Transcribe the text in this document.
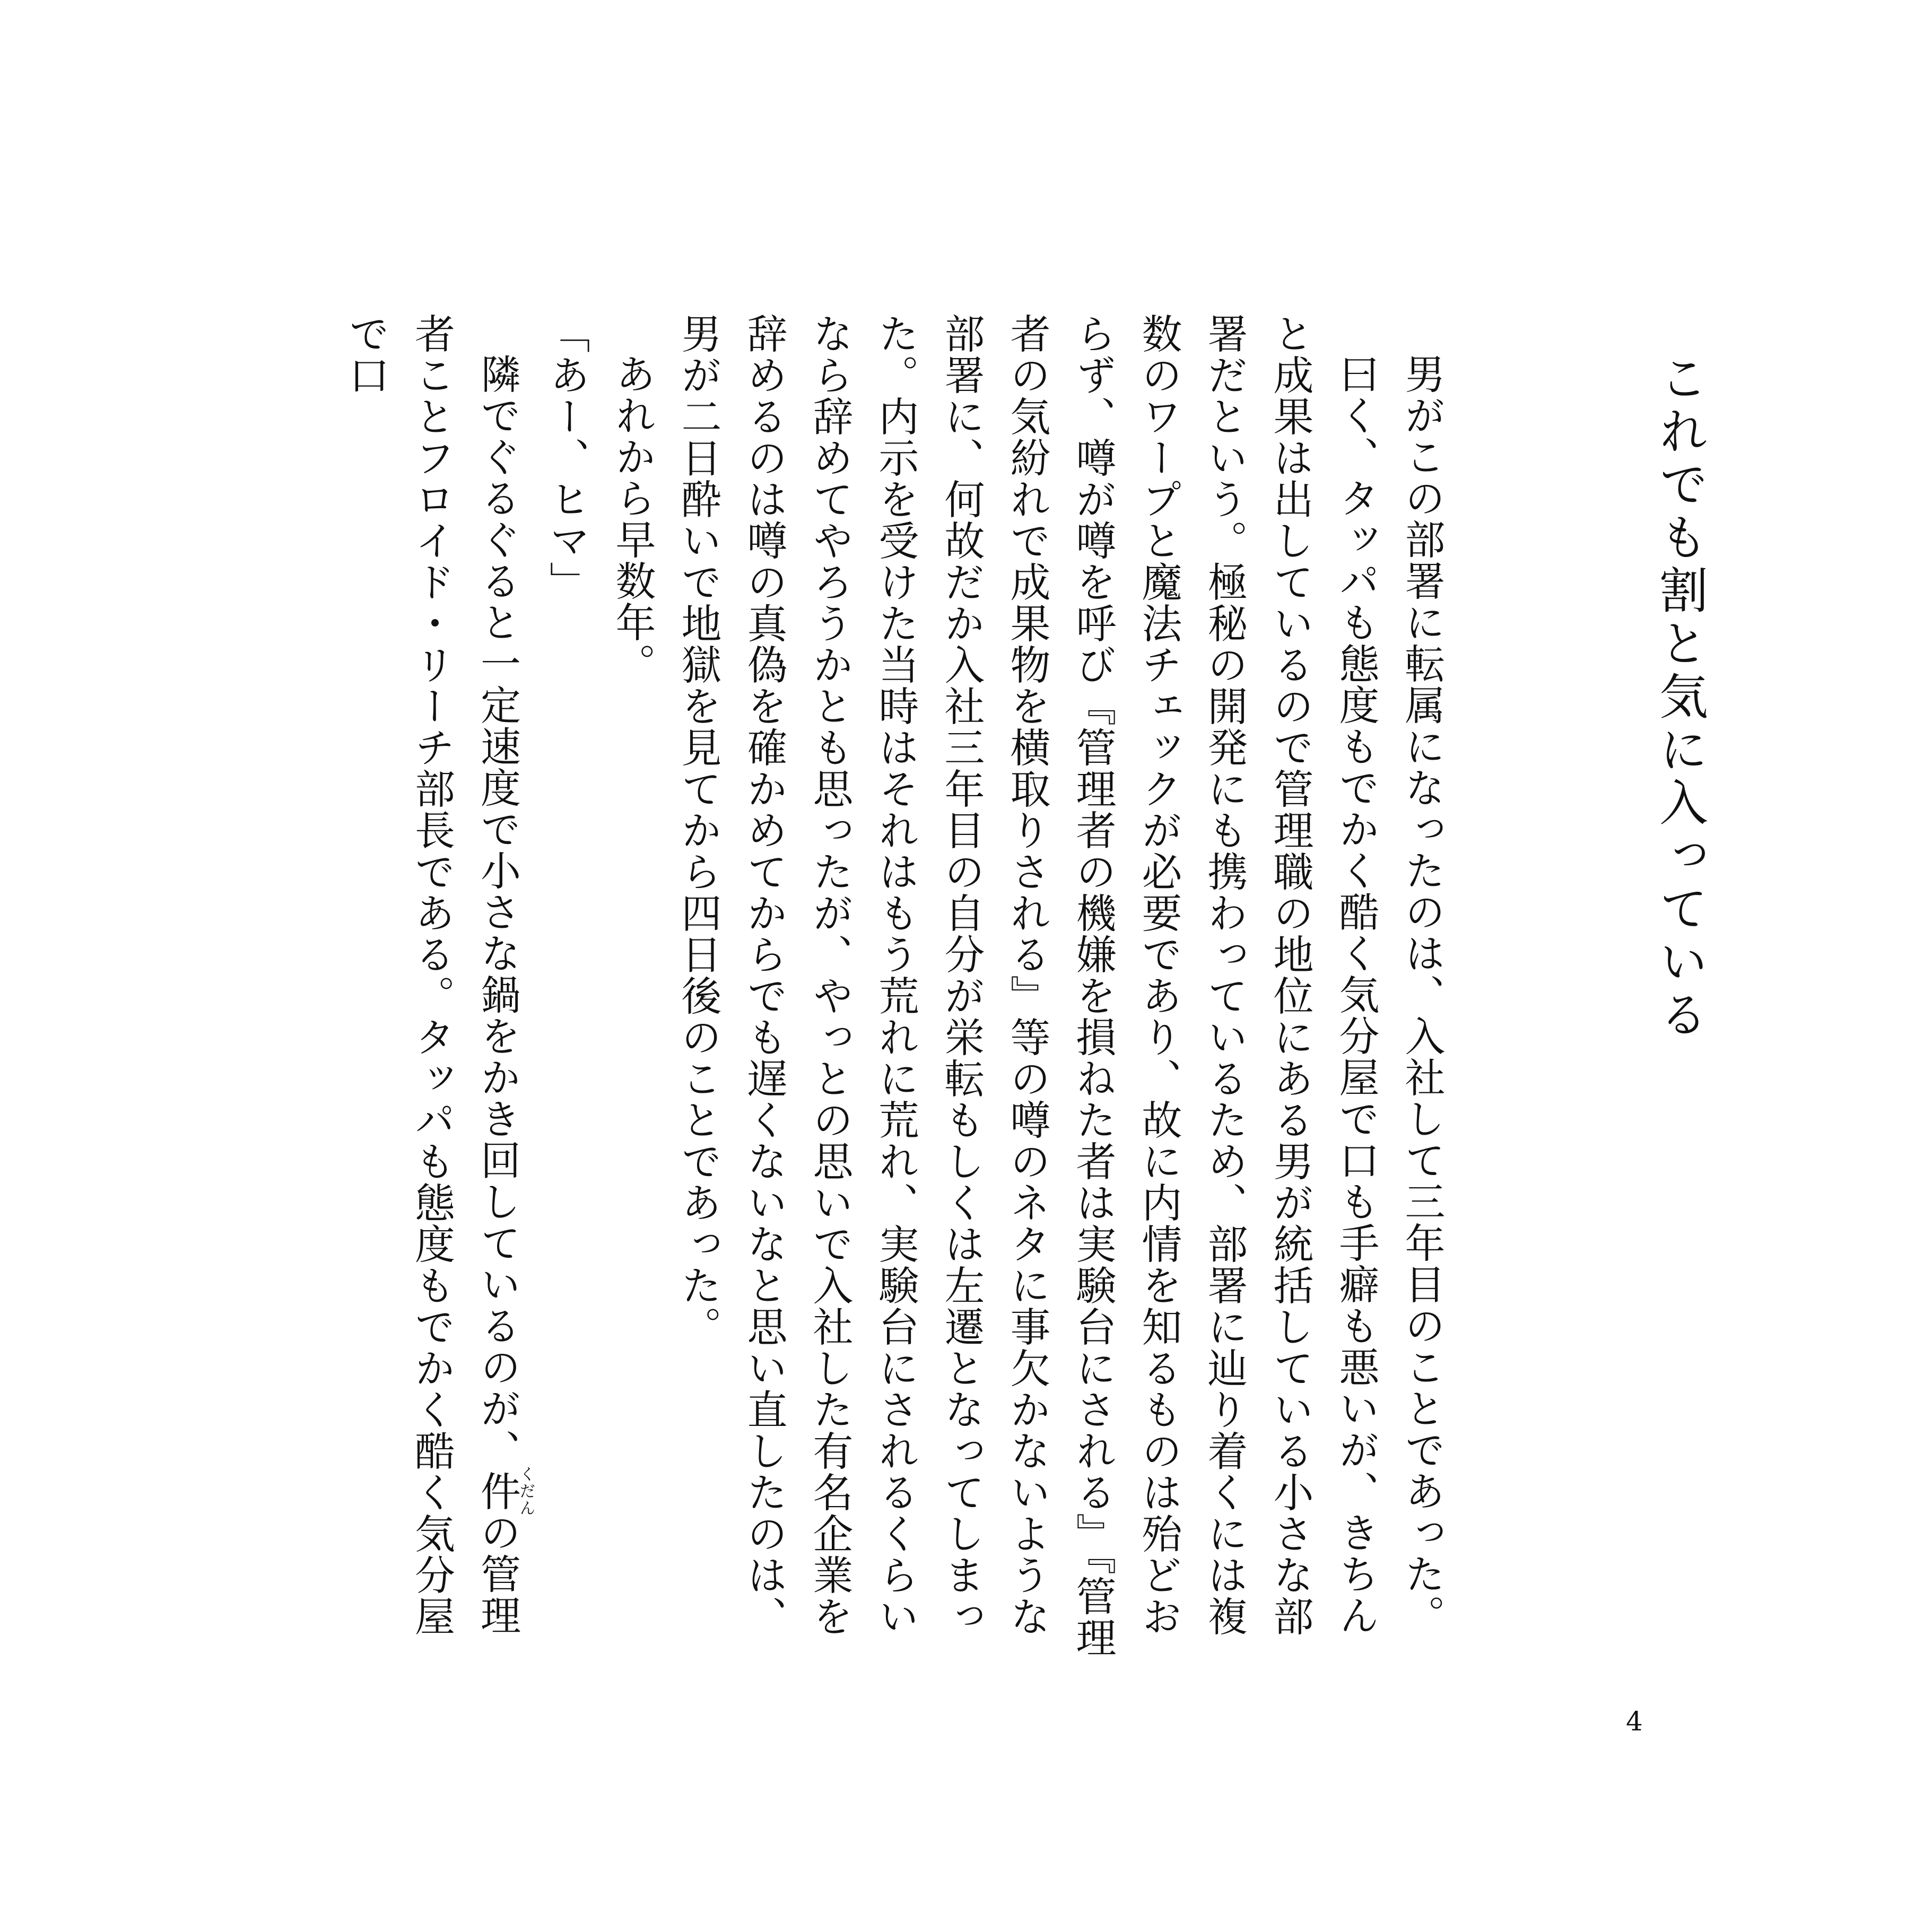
これでも割と気に入っている

男がこの部署に転属になったのは、入社して三年目のことであった。

曰く、タッパも態度もでかく酷く気分屋で口も手癖も悪いが、きちんと成果は出しているので管理職の地位にある男が統括している小さな部署だという。極秘の開発にも携わっているため、部署に辿り着くには複数のワープと魔法チェックが必要であり、故に内情を知るものは殆どおらず、噂が噂を呼び『管理者の機嫌を損ねた者は実験台にされる』『管理者の気紛れで成果物を横取りされる』等の噂のネタに事欠かないような部署に、何故だか入社三年目の自分が栄転もしくは左遷となってしまった。内示を受けた当時はそれはもう荒れに荒れ、実験台にされるくらいなら辞めてやろうかとも思ったが、やっとの思いで入社した有名企業を辞めるのは噂の真偽を確かめてからでも遅くないなと思い直したのは、男が二日酔いで地獄を見てから四日後のことであった。

あれから早数年。

「あー、ヒマ」

隣でぐるぐると一定速度で小さな鍋をかき回しているのが、件くだんの管理者ことフロイド・リーチ部長である。タッパも態度もでかく酷く気分屋で口

4
